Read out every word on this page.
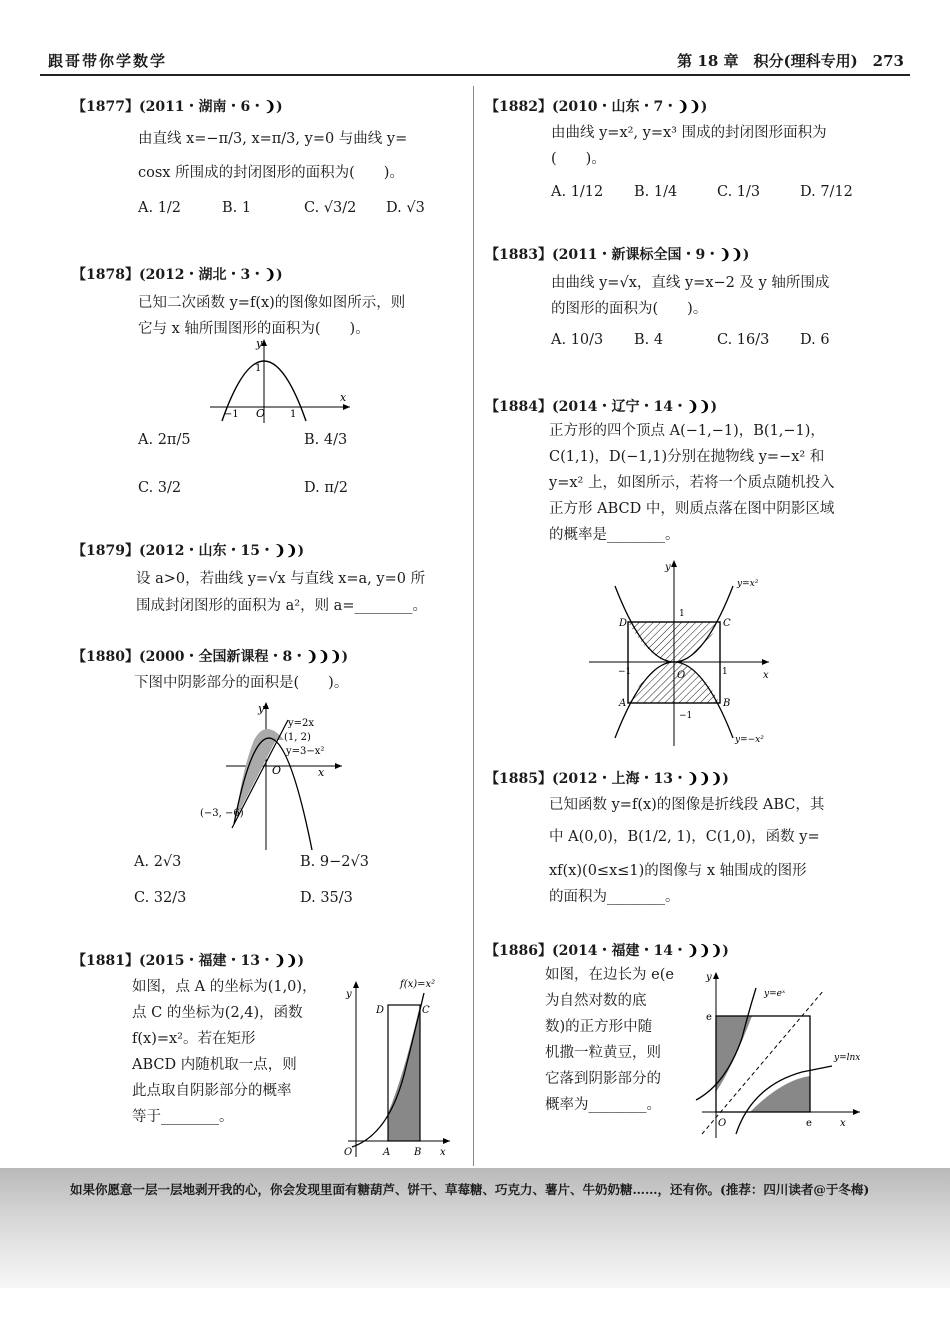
跟哥带你学数学	第 18 章　积分(理科专用)　273
【1877】(2011・湖南・6・❩)
由直线 x=−π/3, x=π/3, y=0 与曲线 y=
cosx 所围成的封闭图形的面积为(　　)。
A. 1/2	B. 1	C. √3/2 D. √3
【1878】(2012・湖北・3・❩)
已知二次函数 y=f(x)的图像如图所示，则
它与 x 轴所围图形的面积为(　　)。
y
x
O
1
−1	1
A. 2π/5	B. 4/3
C. 3/2	D. π/2
【1879】(2012・山东・15・❩❩)
设 a>0，若曲线 y=√x 与直线 x=a, y=0 所
围成封闭图形的面积为 a²，则 a=________。
【1880】(2000・全国新课程・8・❩❩❩)
下图中阴影部分的面积是(　　)。
y
x
O
y=2x
(1, 2)
y=3−x²
(−3, −6)
A. 2√3	B. 9−2√3
C. 32/3	D. 35/3
【1881】(2015・福建・13・❩❩)
如图，点 A 的坐标为(1,0)，
点 C 的坐标为(2,4)，函数
f(x)=x²。若在矩形
ABCD 内随机取一点，则
此点取自阴影部分的概率
等于________。
f(x)=x²
y
x
O	A B
C
D
【1882】(2010・山东・7・❩❩)
由曲线 y=x², y=x³ 围成的封闭图形面积为
(　　)。
A. 1/12 B. 1/4	C. 1/3	D. 7/12
【1883】(2011・新课标全国・9・❩❩)
由曲线 y=√x，直线 y=x−2 及 y 轴所围成
的图形的面积为(　　)。
A. 10/3 B. 4	C. 16/3 D. 6
【1884】(2014・辽宁・14・❩❩)
正方形的四个顶点 A(−1,−1)，B(1,−1)，
C(1,1)，D(−1,1)分别在抛物线 y=−x² 和
y=x² 上，如图所示，若将一个质点随机投入
正方形 ABCD 中，则质点落在图中阴影区域
的概率是________。
y
x
O
y=x²
y=−x²
1
−1	1
−1
A	B
C
D
【1885】(2012・上海・13・❩❩❩)
已知函数 y=f(x)的图像是折线段 ABC，其
中 A(0,0)，B(1/2, 1)，C(1,0)，函数 y=
xf(x)(0≤x≤1)的图像与 x 轴围成的图形
的面积为________。
【1886】(2014・福建・14・❩❩❩)
如图，在边长为 e(e
为自然对数的底
数)的正方形中随
机撒一粒黄豆，则
它落到阴影部分的
概率为________。
y
x
O
y=eˣ
y=lnx
e
e
如果你愿意一层一层地剥开我的心，你会发现里面有糖葫芦、饼干、草莓糖、巧克力、薯片、牛奶奶糖……，还有你。(推荐：四川读者@于冬梅)
